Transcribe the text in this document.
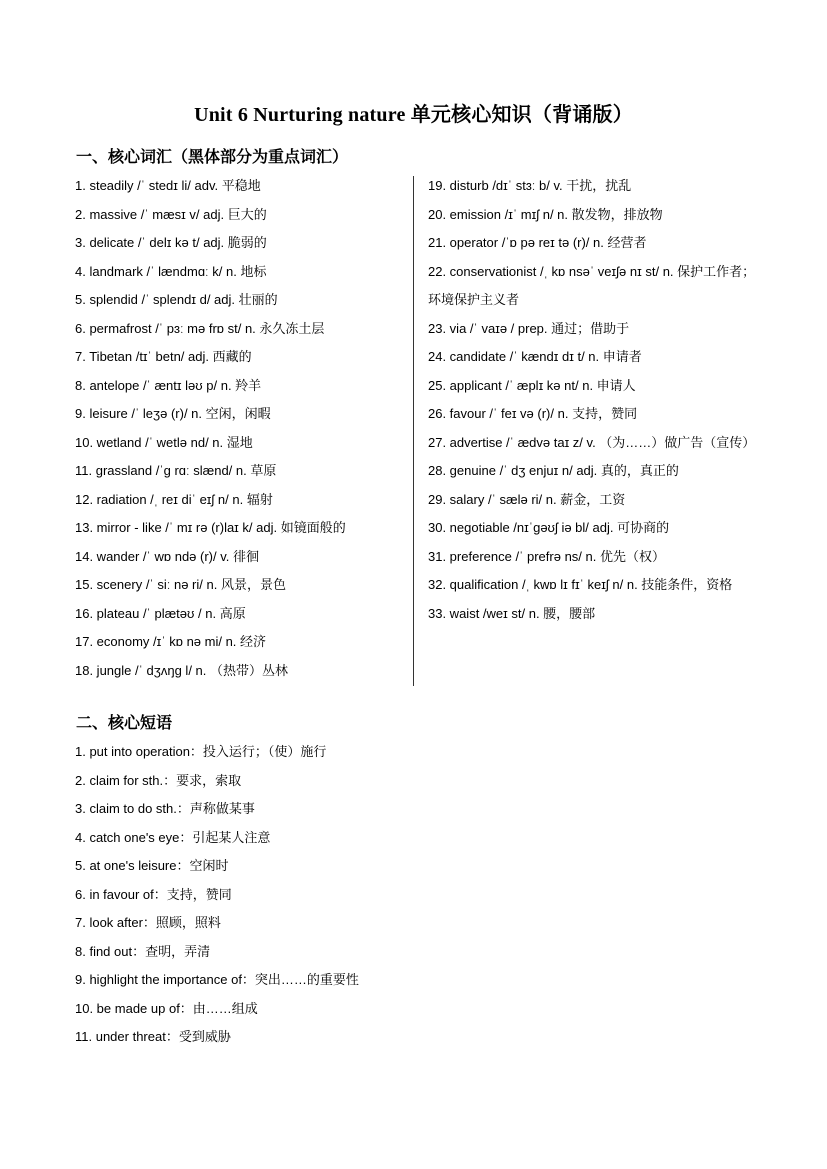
Unit 6 Nurturing nature 单元核心知识（背诵版）
一、核心词汇（黑体部分为重点词汇）
1. steadily /ˈ stedɪ li/ adv. 平稳地
2. massive /ˈ mæsɪ v/ adj. 巨大的
3. delicate /ˈ delɪ kə t/ adj. 脆弱的
4. landmark /ˈ lændmɑː k/ n. 地标
5. splendid /ˈ splendɪ d/ adj. 壮丽的
6. permafrost /ˈ pɜː mə frɒ st/ n. 永久冻土层
7. Tibetan /tɪˈ betn/ adj. 西藏的
8. antelope /ˈ æntɪ ləʊ p/ n. 羚羊
9. leisure /ˈ leʒə (r)/ n. 空闲，闲暇
10. wetland /ˈ wetlə nd/ n. 湿地
11. grassland /ˈɡ rɑː slænd/ n. 草原
12. radiation /ˌ reɪ diˈ eɪʃ n/ n. 辐射
13. mirror - like /ˈ mɪ rə (r)laɪ k/ adj. 如镜面般的
14. wander /ˈ wɒ ndə (r)/ v. 徘徊
15. scenery /ˈ siː nə ri/ n. 风景，景色
16. plateau /ˈ plætəʊ / n. 高原
17. economy /ɪˈ kɒ nə mi/ n. 经济
18. jungle /ˈ dʒʌŋɡ l/ n. （热带）丛林
19. disturb /dɪˈ stɜː b/ v. 干扰，扰乱
20. emission /ɪˈ mɪʃ n/ n. 散发物，排放物
21. operator /ˈɒ pə reɪ tə (r)/ n. 经营者
22. conservationist /ˌ kɒ nsəˈ veɪʃə nɪ st/ n. 保护工作者；环境保护主义者
23. via /ˈ vaɪə / prep. 通过；借助于
24. candidate /ˈ kændɪ dɪ t/ n. 申请者
25. applicant /ˈ æplɪ kə nt/ n. 申请人
26. favour /ˈ feɪ və (r)/ n. 支持，赞同
27. advertise /ˈ ædvə taɪ z/ v. （为……）做广告（宣传）
28. genuine /ˈ dʒ enjuɪ n/ adj. 真的，真正的
29. salary /ˈ sælə ri/ n. 薪金，工资
30. negotiable /nɪˈɡəʊʃ iə bl/ adj. 可协商的
31. preference /ˈ prefrə ns/ n. 优先（权）
32. qualification /ˌ kwɒ lɪ fɪˈ keɪʃ n/ n. 技能条件，资格
33. waist /weɪ st/ n. 腰，腰部
二、核心短语
1. put into operation：投入运行；（使）施行
2. claim for sth.：要求，索取
3. claim to do sth.：声称做某事
4. catch one's eye：引起某人注意
5. at one's leisure：空闲时
6. in favour of：支持，赞同
7. look after：照顾，照料
8. find out：查明，弄清
9. highlight the importance of：突出……的重要性
10. be made up of：由……组成
11. under threat：受到威胁
